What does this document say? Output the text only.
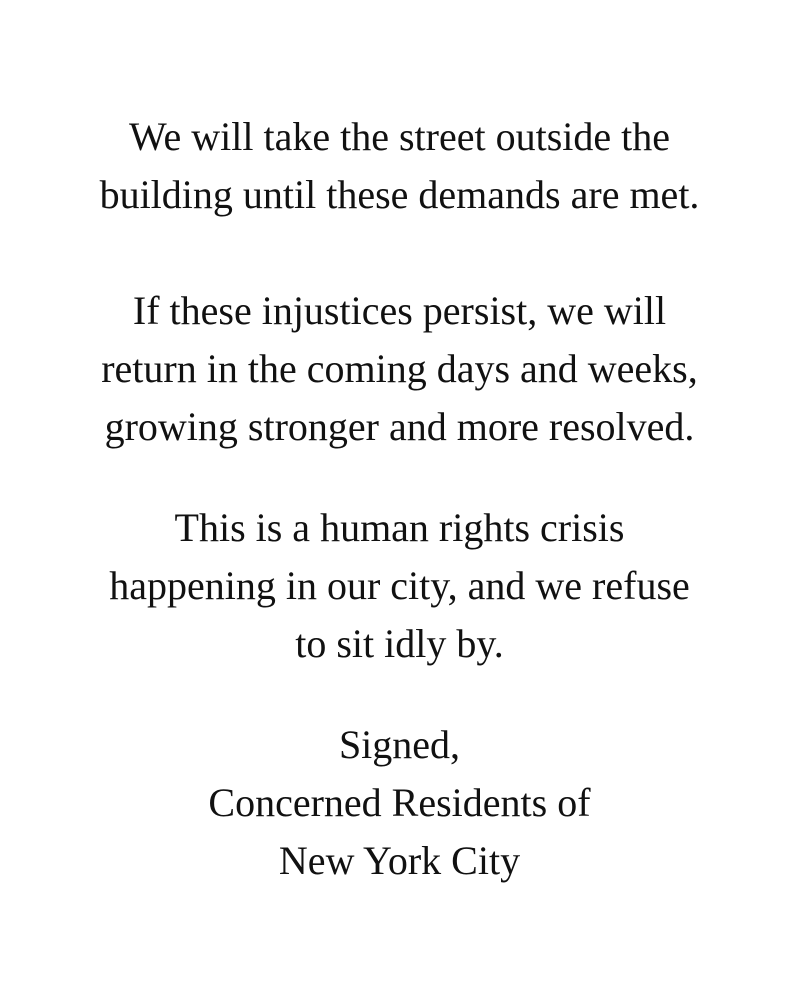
We will take the street outside the
building until these demands are met.

If these injustices persist, we will
return in the coming days and weeks,
growing stronger and more resolved.

This is a human rights crisis
happening in our city, and we refuse
to sit idly by.

Signed,
Concerned Residents of
New York City
